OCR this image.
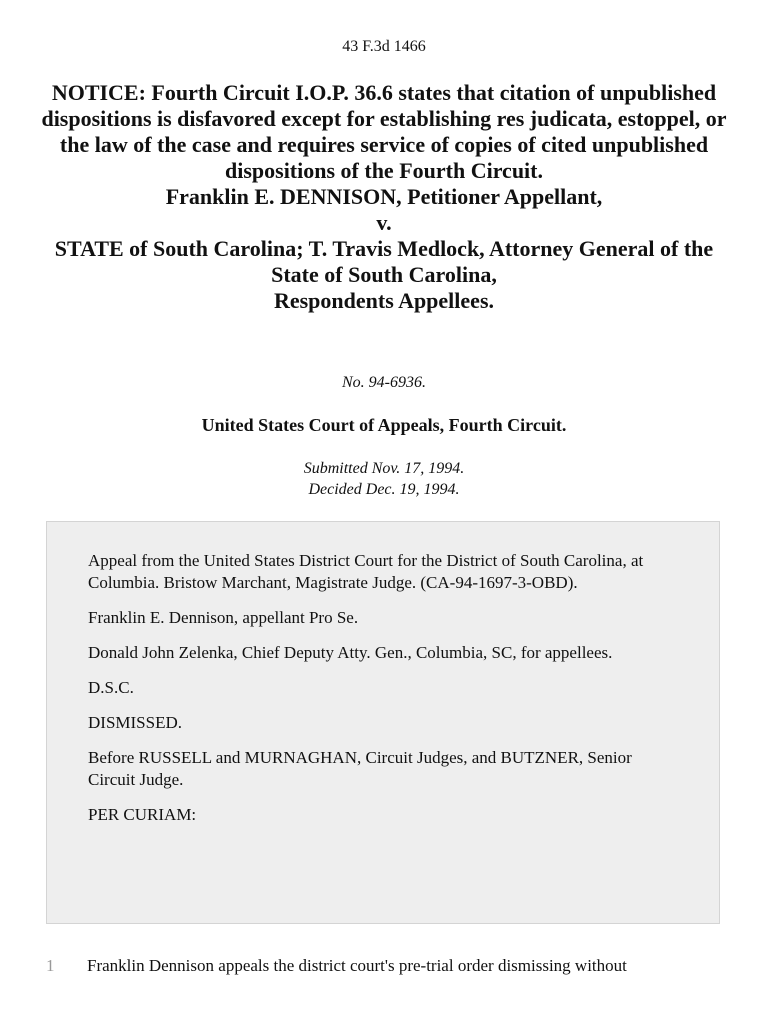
43 F.3d 1466
NOTICE: Fourth Circuit I.O.P. 36.6 states that citation of unpublished dispositions is disfavored except for establishing res judicata, estoppel, or the law of the case and requires service of copies of cited unpublished dispositions of the Fourth Circuit.
Franklin E. DENNISON, Petitioner Appellant,
v.
STATE of South Carolina; T. Travis Medlock, Attorney General of the State of South Carolina,
Respondents Appellees.
No. 94-6936.
United States Court of Appeals, Fourth Circuit.
Submitted Nov. 17, 1994.
Decided Dec. 19, 1994.

Appeal from the United States District Court for the District of South Carolina, at Columbia. Bristow Marchant, Magistrate Judge. (CA-94-1697-3-OBD).

Franklin E. Dennison, appellant Pro Se.

Donald John Zelenka, Chief Deputy Atty. Gen., Columbia, SC, for appellees.

D.S.C.

DISMISSED.

Before RUSSELL and MURNAGHAN, Circuit Judges, and BUTZNER, Senior Circuit Judge.

PER CURIAM:

1 Franklin Dennison appeals the district court's pre-trial order dismissing without
